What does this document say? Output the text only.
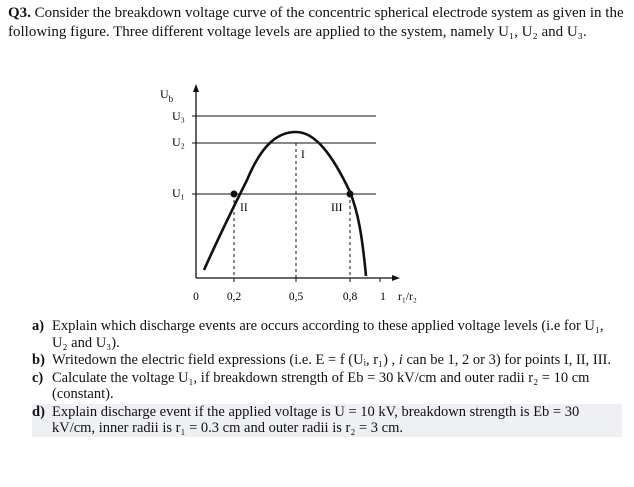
Q3. Consider the breakdown voltage curve of the concentric spherical electrode system as given in the following figure. Three different voltage levels are applied to the system, namely U₁, U₂ and U₃.
$U_b$
U₃
U₂
U₁
I
II	III
0 0,2	0,5	0,8 1 r₁/r₂
a) Explain which discharge events are occurs according to these applied voltage levels (i.e for U₁, U₂ and U₃).
b) Writedown the electric field expressions (i.e. E = f (Uᵢ, r₁) , i can be 1, 2 or 3) for points I, II, III.
c) Calculate the voltage U₁, if breakdown strength of Eb = 30 kV/cm and outer radii r₂ = 10 cm (constant).
d) Explain discharge event if the applied voltage is U = 10 kV, breakdown strength is Eb = 30 kV/cm, inner radii is r₁ = 0.3 cm and outer radii is r₂ = 3 cm.
